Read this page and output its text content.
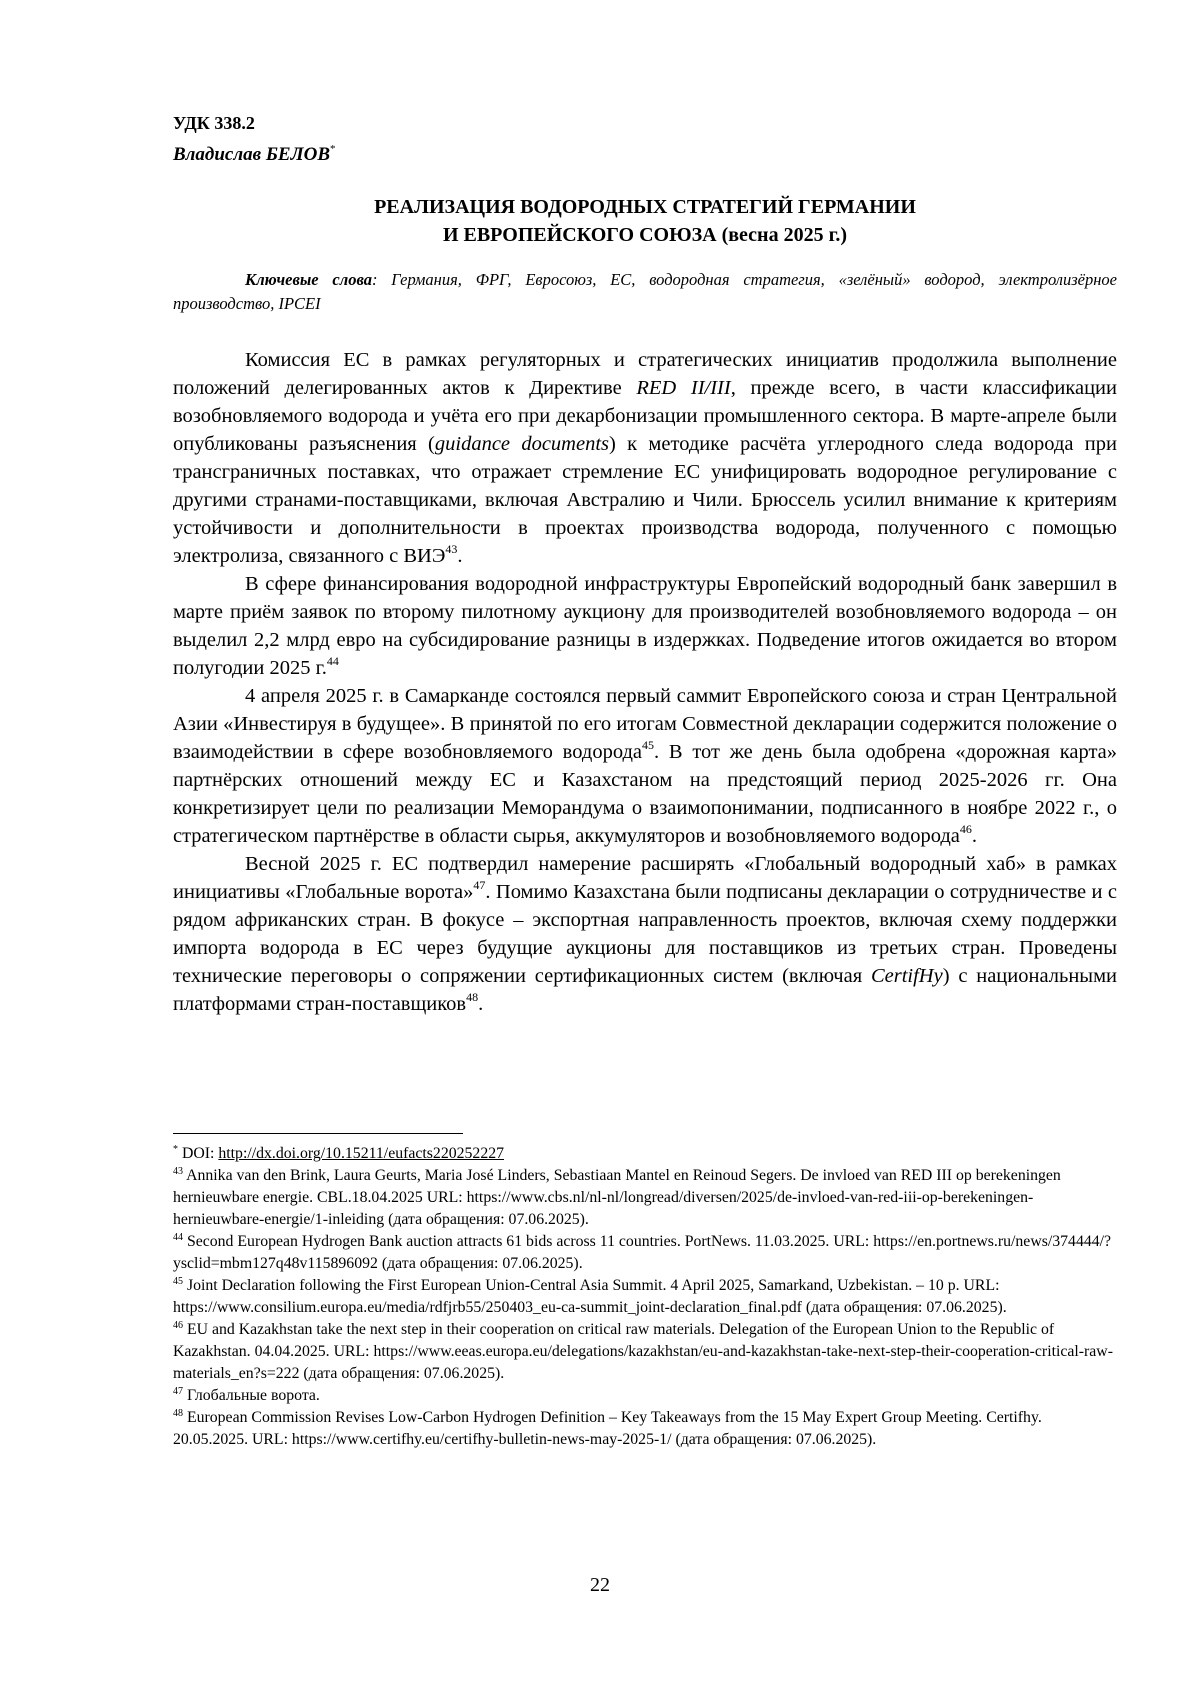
УДК 338.2
Владислав БЕЛОВ*
РЕАЛИЗАЦИЯ ВОДОРОДНЫХ СТРАТЕГИЙ ГЕРМАНИИ
И ЕВРОПЕЙСКОГО СОЮЗА (весна 2025 г.)
Ключевые слова: Германия, ФРГ, Евросоюз, ЕС, водородная стратегия, «зелёный» водород, электролизёрное производство, IPCEI

Комиссия ЕС в рамках регуляторных и стратегических инициатив продолжила выполнение положений делегированных актов к Директиве RED II/III, прежде всего, в части классификации возобновляемого водорода и учёта его при декарбонизации промышленного сектора. В марте-апреле были опубликованы разъяснения (guidance documents) к методике расчёта углеродного следа водорода при трансграничных поставках, что отражает стремление ЕС унифицировать водородное регулирование с другими странами-поставщиками, включая Австралию и Чили. Брюссель усилил внимание к критериям устойчивости и дополнительности в проектах производства водорода, полученного с помощью электролиза, связанного с ВИЭ$^{43}$.

В сфере финансирования водородной инфраструктуры Европейский водородный банк завершил в марте приём заявок по второму пилотному аукциону для производителей возобновляемого водорода – он выделил 2,2 млрд евро на субсидирование разницы в издержках. Подведение итогов ожидается во втором полугодии 2025 г.$^{44}$

4 апреля 2025 г. в Самарканде состоялся первый саммит Европейского союза и стран Центральной Азии «Инвестируя в будущее». В принятой по его итогам Совместной декларации содержится положение о взаимодействии в сфере возобновляемого водорода$^{45}$. В тот же день была одобрена «дорожная карта» партнёрских отношений между ЕС и Казахстаном на предстоящий период 2025-2026 гг. Она конкретизирует цели по реализации Меморандума о взаимопонимании, подписанного в ноябре 2022 г., о стратегическом партнёрстве в области сырья, аккумуляторов и возобновляемого водорода$^{46}$.

Весной 2025 г. ЕС подтвердил намерение расширять «Глобальный водородный хаб» в рамках инициативы «Глобальные ворота»$^{47}$. Помимо Казахстана были подписаны декларации о сотрудничестве и с рядом африканских стран. В фокусе – экспортная направленность проектов, включая схему поддержки импорта водорода в ЕС через будущие аукционы для поставщиков из третьих стран. Проведены технические переговоры о сопряжении сертификационных систем (включая CertifHy) с национальными платформами стран-поставщиков$^{48}$.

* DOI: http://dx.doi.org/10.15211/eufacts220252227
$^{43}$ Annika van den Brink, Laura Geurts, Maria José Linders, Sebastiaan Mantel en Reinoud Segers. De invloed van RED III op berekeningen hernieuwbare energie. CBL.18.04.2025 URL: https://www.cbs.nl/nl-nl/longread/diversen/2025/de-invloed-van-red-iii-op-berekeningen-hernieuwbare-energie/1-inleiding (дата обращения: 07.06.2025).
$^{44}$ Second European Hydrogen Bank auction attracts 61 bids across 11 countries. PortNews. 11.03.2025. URL: https://en.portnews.ru/news/374444/?ysclid=mbm127q48v115896092 (дата обращения: 07.06.2025).
$^{45}$ Joint Declaration following the First European Union-Central Asia Summit. 4 April 2025, Samarkand, Uzbekistan. – 10 p. URL: https://www.consilium.europa.eu/media/rdfjrb55/250403_eu-ca-summit_joint-declaration_final.pdf (дата обращения: 07.06.2025).
$^{46}$ EU and Kazakhstan take the next step in their cooperation on critical raw materials. Delegation of the European Union to the Republic of Kazakhstan. 04.04.2025. URL: https://www.eeas.europa.eu/delegations/kazakhstan/eu-and-kazakhstan-take-next-step-their-cooperation-critical-raw-materials_en?s=222 (дата обращения: 07.06.2025).
$^{47}$ Глобальные ворота.
$^{48}$ European Commission Revises Low-Carbon Hydrogen Definition – Key Takeaways from the 15 May Expert Group Meeting. Certifhy. 20.05.2025. URL: https://www.certifhy.eu/certifhy-bulletin-news-may-2025-1/ (дата обращения: 07.06.2025).
22
